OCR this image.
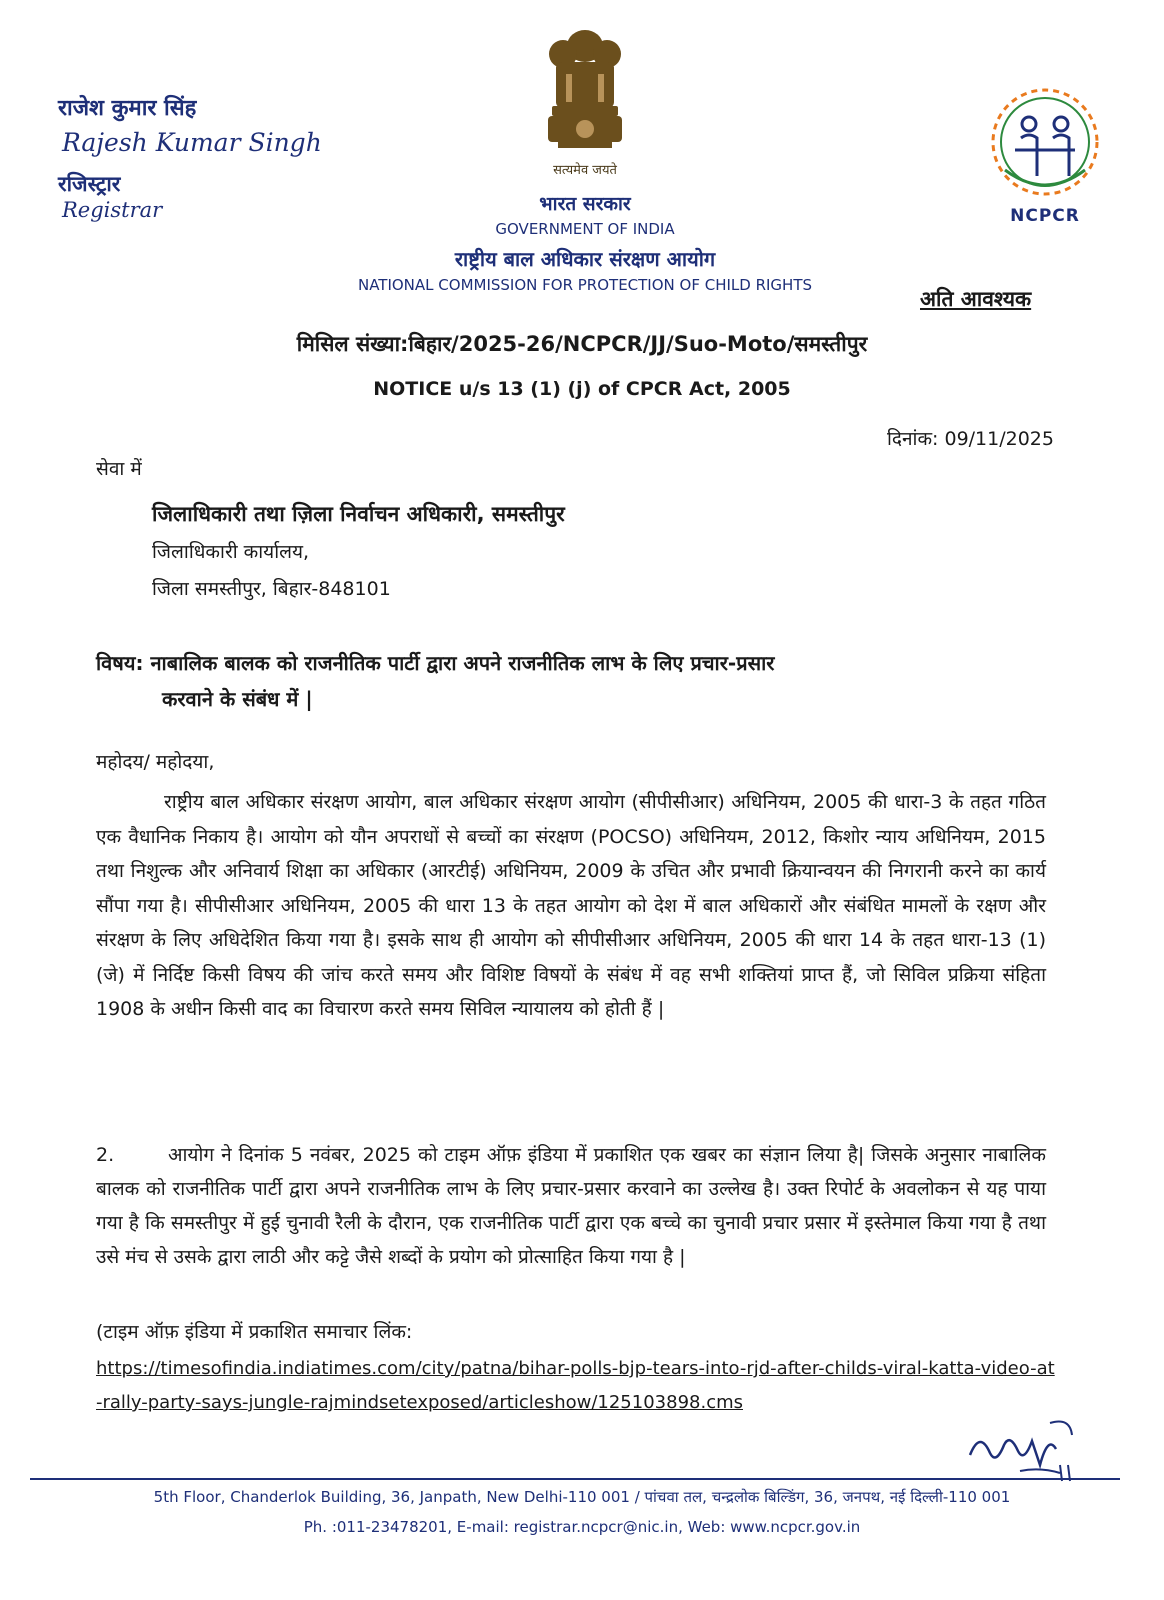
राजेश कुमार सिंह
Rajesh Kumar Singh
रजिस्ट्रार
Registrar
सत्यमेव जयते
भारत सरकार
GOVERNMENT OF INDIA
राष्ट्रीय बाल अधिकार संरक्षण आयोग
NATIONAL COMMISSION FOR PROTECTION OF CHILD RIGHTS
NCPCR
अति आवश्यक
मिसिल संख्या:बिहार/2025-26/NCPCR/JJ/Suo-Moto/समस्तीपुर
NOTICE u/s 13 (1) (j) of CPCR Act, 2005
दिनांक: 09/11/2025
सेवा में
जिलाधिकारी तथा ज़िला निर्वाचन अधिकारी, समस्तीपुर
जिलाधिकारी कार्यालय,
जिला समस्तीपुर, बिहार-848101
विषय: नाबालिक बालक को राजनीतिक पार्टी द्वारा अपने राजनीतिक लाभ के लिए प्रचार-प्रसार
करवाने के संबंध में |
महोदय/ महोदया,
राष्ट्रीय बाल अधिकार संरक्षण आयोग, बाल अधिकार संरक्षण आयोग (सीपीसीआर) अधिनियम, 2005 की धारा-3 के तहत गठित एक वैधानिक निकाय है। आयोग को यौन अपराधों से बच्चों का संरक्षण (POCSO) अधिनियम, 2012, किशोर न्याय अधिनियम, 2015 तथा निशुल्क और अनिवार्य शिक्षा का अधिकार (आरटीई) अधिनियम, 2009 के उचित और प्रभावी क्रियान्वयन की निगरानी करने का कार्य सौंपा गया है। सीपीसीआर अधिनियम, 2005 की धारा 13 के तहत आयोग को देश में बाल अधिकारों और संबंधित मामलों के रक्षण और संरक्षण के लिए अधिदेशित किया गया है। इसके साथ ही आयोग को सीपीसीआर अधिनियम, 2005 की धारा 14 के तहत धारा-13 (1)(जे) में निर्दिष्ट किसी विषय की जांच करते समय और विशिष्ट विषयों के संबंध में वह सभी शक्तियां प्राप्त हैं, जो सिविल प्रक्रिया संहिता 1908 के अधीन किसी वाद का विचारण करते समय सिविल न्यायालय को होती हैं |
2.	आयोग ने दिनांक 5 नवंबर, 2025 को टाइम ऑफ़ इंडिया में प्रकाशित एक खबर का संज्ञान लिया है| जिसके अनुसार नाबालिक बालक को राजनीतिक पार्टी द्वारा अपने राजनीतिक लाभ के लिए प्रचार-प्रसार करवाने का उल्लेख है। उक्त रिपोर्ट के अवलोकन से यह पाया गया है कि समस्तीपुर में हुई चुनावी रैली के दौरान, एक राजनीतिक पार्टी द्वारा एक बच्चे का चुनावी प्रचार प्रसार में इस्तेमाल किया गया है तथा उसे मंच से उसके द्वारा लाठी और कट्टे जैसे शब्दों के प्रयोग को प्रोत्साहित किया गया है |
(टाइम ऑफ़ इंडिया में प्रकाशित समाचार लिंक:
https://timesofindia.indiatimes.com/city/patna/bihar-polls-bjp-tears-into-rjd-after-childs-viral-katta-video-at-rally-party-says-jungle-rajmindsetexposed/articleshow/125103898.cms
5th Floor, Chanderlok Building, 36, Janpath, New Delhi-110 001 / पांचवा तल, चन्द्रलोक बिल्डिंग, 36, जनपथ, नई दिल्ली-110 001
Ph. :011-23478201, E-mail: registrar.ncpcr@nic.in, Web: www.ncpcr.gov.in
